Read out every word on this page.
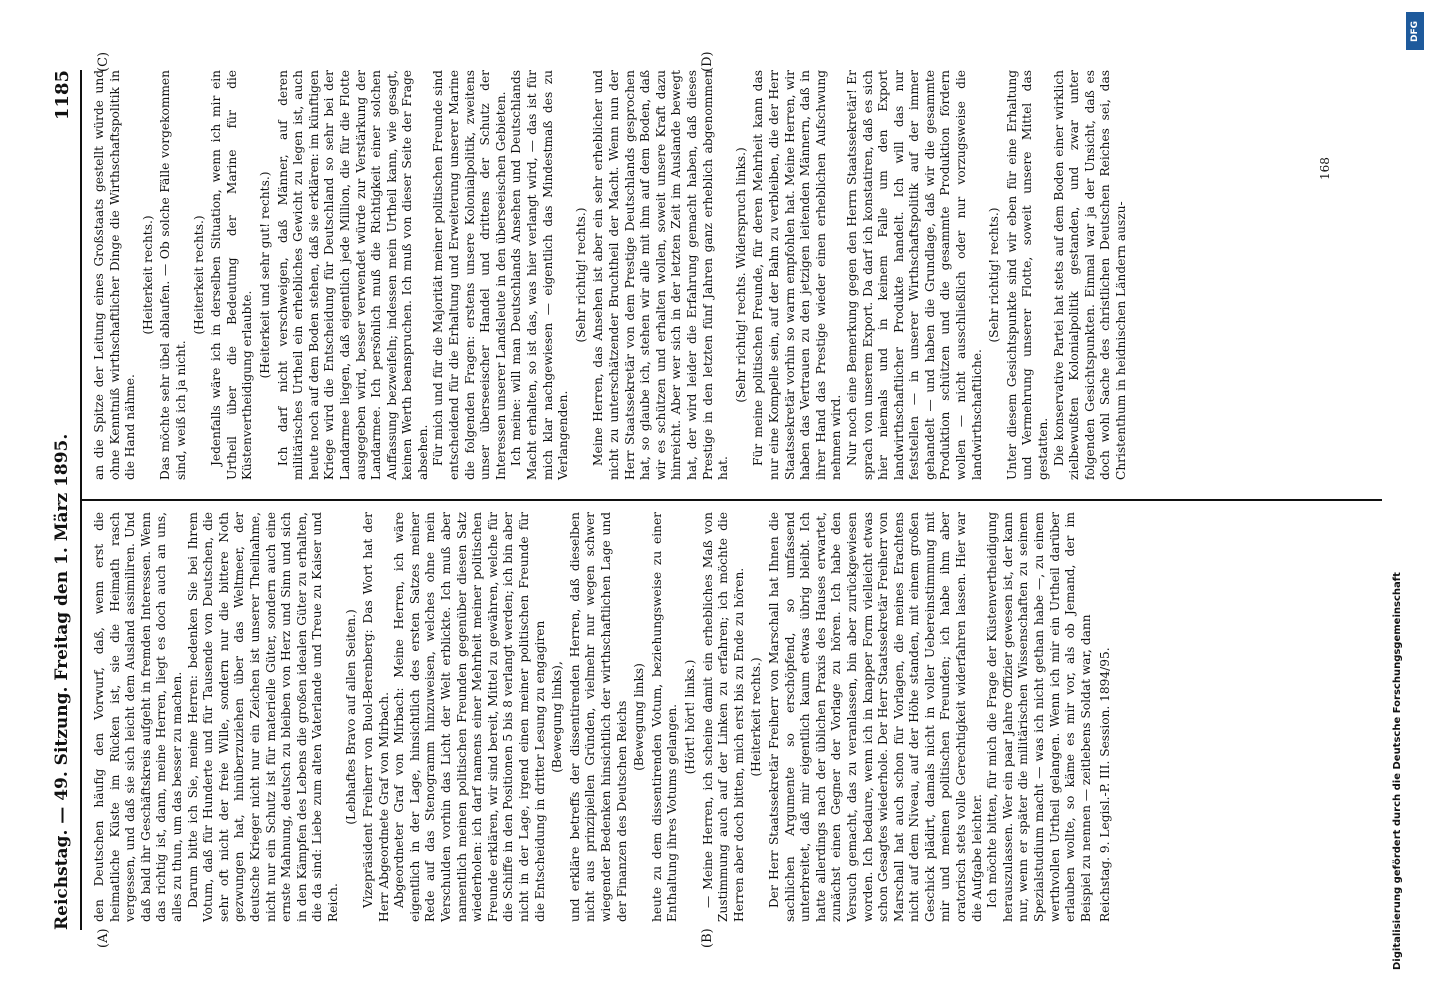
Reichstag. — 49. Sitzung. Freitag den 1. März 1895.
1185
(A)	(B)
(C)	(D)

den Deutschen häufig den Vorwurf, daß, wenn erst die heimatliche Küste im Rücken ist, sie die Heimath rasch vergessen, und daß sie sich leicht dem Ausland assimiliren. Und daß bald ihr Geschäftskreis aufgeht in fremden Interessen. Wenn das richtig ist, dann, meine Herren, liegt es doch auch an uns, alles zu thun, um das besser zu machen. Darum bitte ich Sie, meine Herren: bedenken Sie bei Ihrem Votum, daß für Hunderte und für Tausende von Deutschen, die sehr oft nicht der freie Wille, sondern nur die bittere Noth gezwungen hat, hinüberzuziehen über das Weltmeer, der deutsche Krieger nicht nur ein Zeichen ist unserer Theilnahme, nicht nur ein Schutz ist für materielle Güter, sondern auch eine ernste Mahnung, deutsch zu bleiben von Herz und Sinn und sich in den Kämpfen des Lebens die großen idealen Güter zu erhalten, die da sind: Liebe zum alten Vaterlande und Treue zu Kaiser und Reich.

(Lebhaftes Bravo auf allen Seiten.) Vizepräsident Freiherr von Buol-Berenberg: Das Wort hat der Herr Abgeordnete Graf von Mirbach. Abgeordneter Graf von Mirbach: Meine Herren, ich wäre eigentlich in der Lage, hinsichtlich des ersten Satzes meiner Rede auf das Stenogramm hinzuweisen, welches ohne mein Verschulden vorhin das Licht der Welt erblickte. Ich muß aber namentlich meinen politischen Freunden gegenüber diesen Satz wiederholen: ich darf namens einer Mehrheit meiner politischen Freunde erklären, wir sind bereit, Mittel zu gewähren, welche für die Schiffe in den Positionen 5 bis 8 verlangt werden; ich bin aber nicht in der Lage, irgend einen meiner politischen Freunde für die Entscheidung in dritter Lesung zu engagiren (Bewegung links), und erkläre betreffs der dissentirenden Herren, daß dieselben nicht aus prinzipiellen Gründen, vielmehr nur wegen schwer wiegender Bedenken hinsichtlich der wirthschaftlichen Lage und der Finanzen des Deutschen Reichs (Bewegung links) heute zu dem dissentirenden Votum, beziehungsweise zu einer Enthaltung ihres Votums gelangen. (Hört! hört! links.) — Meine Herren, ich scheine damit ein erhebliches Maß von Zustimmung auch auf der Linken zu erfahren; ich möchte die Herren aber doch bitten, mich erst bis zu Ende zu hören. (Heiterkeit rechts.) Der Herr Staatssekretär Freiherr von Marschall hat Ihnen die sachlichen Argumente so erschöpfend, so umfassend unterbreitet, daß mir eigentlich kaum etwas übrig bleibt. Ich hatte allerdings nach der üblichen Praxis des Hauses erwartet, zunächst einen Gegner der Vorlage zu hören. Ich habe den Versuch gemacht, das zu veranlassen, bin aber zurückgewiesen worden. Ich bedaure, wenn ich in knapper Form vielleicht etwas schon Gesagtes wiederhole. Der Herr Staatssekretär Freiherr von Marschall hat auch schon für Vorlagen, die meines Erachtens nicht auf dem Niveau, auf der Höhe standen, mit einem großen Geschick plädirt, damals nicht in voller Uebereinstimmung mit mir und meinen politischen Freunden; ich habe ihm aber oratorisch stets volle Gerechtigkeit widerfahren lassen. Hier war die Aufgabe leichter. Ich möchte bitten, für mich die Frage der Küstenvertheidigung herauszulassen. Wer ein paar Jahre Offizier gewesen ist, der kann nur, wenn er später die militärischen Wissenschaften zu seinem Spezialstudium macht — was ich nicht gethan habe —, zu einem werthvollen Urtheil gelangen. Wenn ich mir ein Urtheil darüber erlauben wollte, so käme es mir vor, als ob Jemand, der im Beispiel zu nennen — zeitlebens Soldat war, dann Reichstag. 9. Legisl.-P. III. Session. 1894/95.

an die Spitze der Leitung eines Großstaats gestellt würde und ohne Kenntniß wirthschaftlicher Dinge die Wirthschaftspolitik in die Hand nähme.

(Heiterkeit rechts.) Das möchte sehr übel ablaufen. — Ob solche Fälle vorgekommen sind, weiß ich ja nicht.

(Heiterkeit rechts.) Jedenfalls wäre ich in derselben Situation, wenn ich mir ein Urtheil über die Bedeutung der Marine für die Küstenvertheidigung erlaubte.

(Heiterkeit und sehr gut! rechts.) Ich darf nicht verschweigen, daß Männer, auf deren militärisches Urtheil ein erhebliches Gewicht zu legen ist, auch heute noch auf dem Boden stehen, daß sie erklären: im künftigen Kriege wird die Entscheidung für Deutschland so sehr bei der Landarmee liegen, daß eigentlich jede Million, die für die Flotte ausgegeben wird, besser verwendet würde zur Verstärkung der Landarmee. Ich persönlich muß die Richtigkeit einer solchen Auffassung bezweifeln; indessen mein Urtheil kann, wie gesagt, keinen Werth beanspruchen. Ich muß von dieser Seite der Frage absehen. Für mich und für die Majorität meiner politischen Freunde sind entscheidend für die Erhaltung und Erweiterung unserer Marine die folgenden Fragen: erstens unsere Kolonialpolitik, zweitens unser überseeischer Handel und drittens der Schutz der Interessen unserer Landsleute in den überseeischen Gebieten. Ich meine: will man Deutschlands Ansehen und Deutschlands Macht erhalten, so ist das, was hier verlangt wird, — das ist für mich klar nachgewiesen — eigentlich das Mindestmaß des zu Verlangenden.

(Sehr richtig! rechts.) Meine Herren, das Ansehen ist aber ein sehr erheblicher und nicht zu unterschätzender Bruchtheil der Macht. Wenn nun der Herr Staatssekretär von dem Prestige Deutschlands gesprochen hat, so glaube ich, stehen wir alle mit ihm auf dem Boden, daß wir es schützen und erhalten wollen, soweit unsere Kraft dazu hinreicht. Aber wer sich in der letzten Zeit im Auslande bewegt hat, der wird leider die Erfahrung gemacht haben, daß dieses Prestige in den letzten fünf Jahren ganz erheblich abgenommen hat.

(Sehr richtig! rechts. Widerspruch links.) Für meine politischen Freunde, für deren Mehrheit kann das nur eine Kompelle sein, auf der Bahn zu verbleiben, die der Herr Staatssekretär vorhin so warm empfohlen hat. Meine Herren, wir haben das Vertrauen zu den jetzigen leitenden Männern, daß in ihrer Hand das Prestige wieder einen erheblichen Aufschwung nehmen wird. Nur noch eine Bemerkung gegen den Herrn Staatssekretär! Er sprach von unserem Export. Da darf ich konstatiren, daß es sich hier niemals und in keinem Falle um den Export landwirthschaftlicher Produkte handelt. Ich will das nur feststellen — in unserer Wirthschaftspolitik auf der immer gehandelt — und haben die Grundlage, daß wir die gesammte Produktion schützen und die gesammte Produktion fördern wollen — nicht ausschließlich oder nur vorzugsweise die landwirthschaftliche.

(Sehr richtig! rechts.) Unter diesem Gesichtspunkte sind wir eben für eine Erhaltung und Vermehrung unserer Flotte, soweit unsere Mittel das gestatten. Die konservative Partei hat stets auf dem Boden einer wirklich zielbewußten Kolonialpolitik gestanden, und zwar unter folgenden Gesichtspunkten. Einmal war ja der Unsicht, daß es doch wohl Sache des christlichen Deutschen Reiches sei, das Christenthum in heidnischen Ländern auszu-

168
Digitalisierung gefördert durch die Deutsche Forschungsgemeinschaft
DFG
